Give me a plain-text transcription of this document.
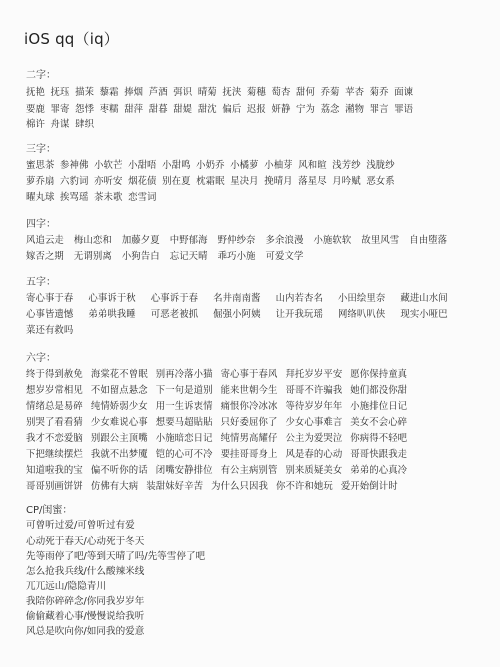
iOS qq（iq）
二字：
抚艳 抚珏 描茉 藜霜 捧烟 芦酒 弭识 晴菊 抚浃 菊穗 萄杏 甜何 乔菊 苹杏 菊乔 面谏
要鹿 罪寄 怨悸 枣糯 甜萍 甜暮 甜媞 甜沈 偏后 迟报 妍静 宁为 荔念 潲物 罪言 罪语
棉许 舟谋 肆织
三字：
蜜思茶 参神佛 小软芒 小甜唔 小甜鸣 小奶乔 小橘萝 小柚芽 风和暄 浅芳纱 浅胧纱
萝乔扇 六豹词 亦听安 烟花债 别在夏 枕霜眠 星决月 挽晴月 落星尽 月吟赋 恶女系
曜丸球 挨骂瑶 茶未歌 恋雪词
四字：
风追云走 梅山恋和 加藤夕夏 中野郁海 野仲纱奈 多余浪漫 小施软软 故里风雪 自由堕落
嫁否之期 无谓别离 小狗告白 忘记天晴 乖巧小施 可爱文学
五字：
寄心事于春 心事诉于秋 心事诉于春 名井南南酱 山内若杏名 小田绘里奈 藏进山水间
心事皆遗憾 弟弟哄我睡 可恶老被抓 倔强小阿姨 让开我玩瑶 网络叭叭侠 现实小哑巴
菜还有救吗
六字：
终于得到赦免 海棠花不曾眠 别再冷落小猫 寄心事于春风 拜托岁岁平安 愿你保持童真
想岁岁常相见 不如留点悬念 下一句是道别 能来世朝今生 哥哥不许骗我 她们都没你甜
情绪总是易碎 纯情娇弱少女 用一生诉衷情 痛恨你冷冰冰 等待岁岁年年 小施排位日记
别哭了看看猜 少女难说心事 想要马超貼貼 只好委屈你了 少女心事难言 美女不会心碎
我才不恋爱脑 别跟公主顶嘴 小施暗恋日记 纯情男高耀仔 公主为爱哭泣 你病得不轻吧
下把继续摆烂 我就不出梦魇 铠的心可不冷 要挂哥哥身上 风是春的心动 哥哥快跟我走
知道啦我的宝 偏不听你的话 闭嘴安静排位 有公主病别管 别来质疑美女 弟弟的心真冷
哥哥别画饼饼 仿佛有大病 装甜妹好辛苦 为什么只因我 你不许和她玩 爱开始倒计时
CP/闺蜜：
可曾听过爱/可曾听过有爱
心动死于春天/心动死于冬天
先等雨停了吧/等到天晴了吗/先等雪停了吧
怎么抢我兵线/什么酸辣米线
兀兀远山/隐隐青川
我陪你碎碎念/你同我岁岁年
偷偷藏着心事/慢慢说给我听
风总是吹向你/如同我的爱意
